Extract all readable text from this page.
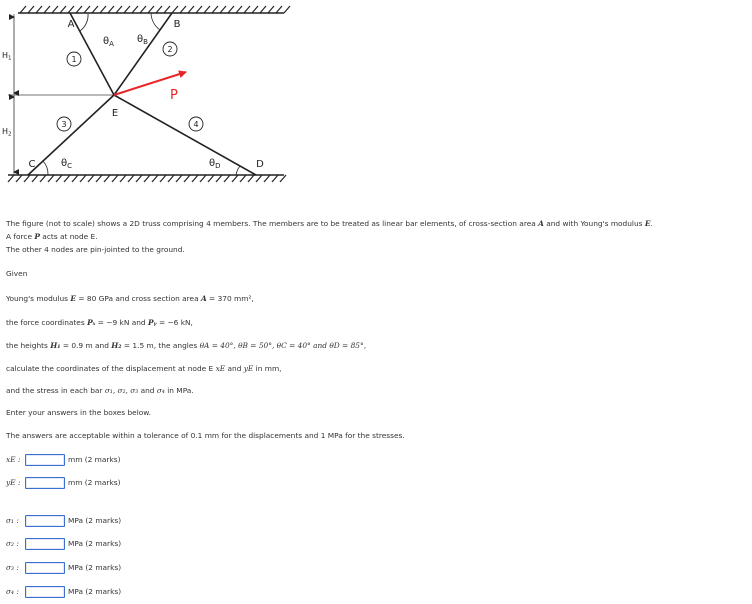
1
2
3	4
A	B
C	D
E
P
$\theta_A$ $\theta_B$
$\theta_C$	$\theta_D$
H1
H2
The figure (not to scale) shows a 2D truss comprising 4 members. The members are to be treated as linear bar elements, of cross-section area A and with Young's modulus E.
A force P acts at node E.
The other 4 nodes are pin-jointed to the ground.
Given
Young's modulus E = 80 GPa and cross section area A = 370 mm²,
the force coordinates Pₓ = −9 kN and Pᵧ = −6 kN,
the heights H₁ = 0.9 m and H₂ = 1.5 m, the angles θA = 40°, θB = 50°, θC = 40° and θD = 85°,
calculate the coordinates of the displacement at node E xE and yE in mm,
and the stress in each bar σ₁, σ₂, σ₃ and σ₄ in MPa.
Enter your answers in the boxes below.
The answers are acceptable within a tolerance of 0.1 mm for the displacements and 1 MPa for the stresses.
xE :	mm (2 marks)
yE :	mm (2 marks)
σ₁ :	MPa (2 marks)
σ₂ :	MPa (2 marks)
σ₃ :	MPa (2 marks)
σ₄ :	MPa (2 marks)
